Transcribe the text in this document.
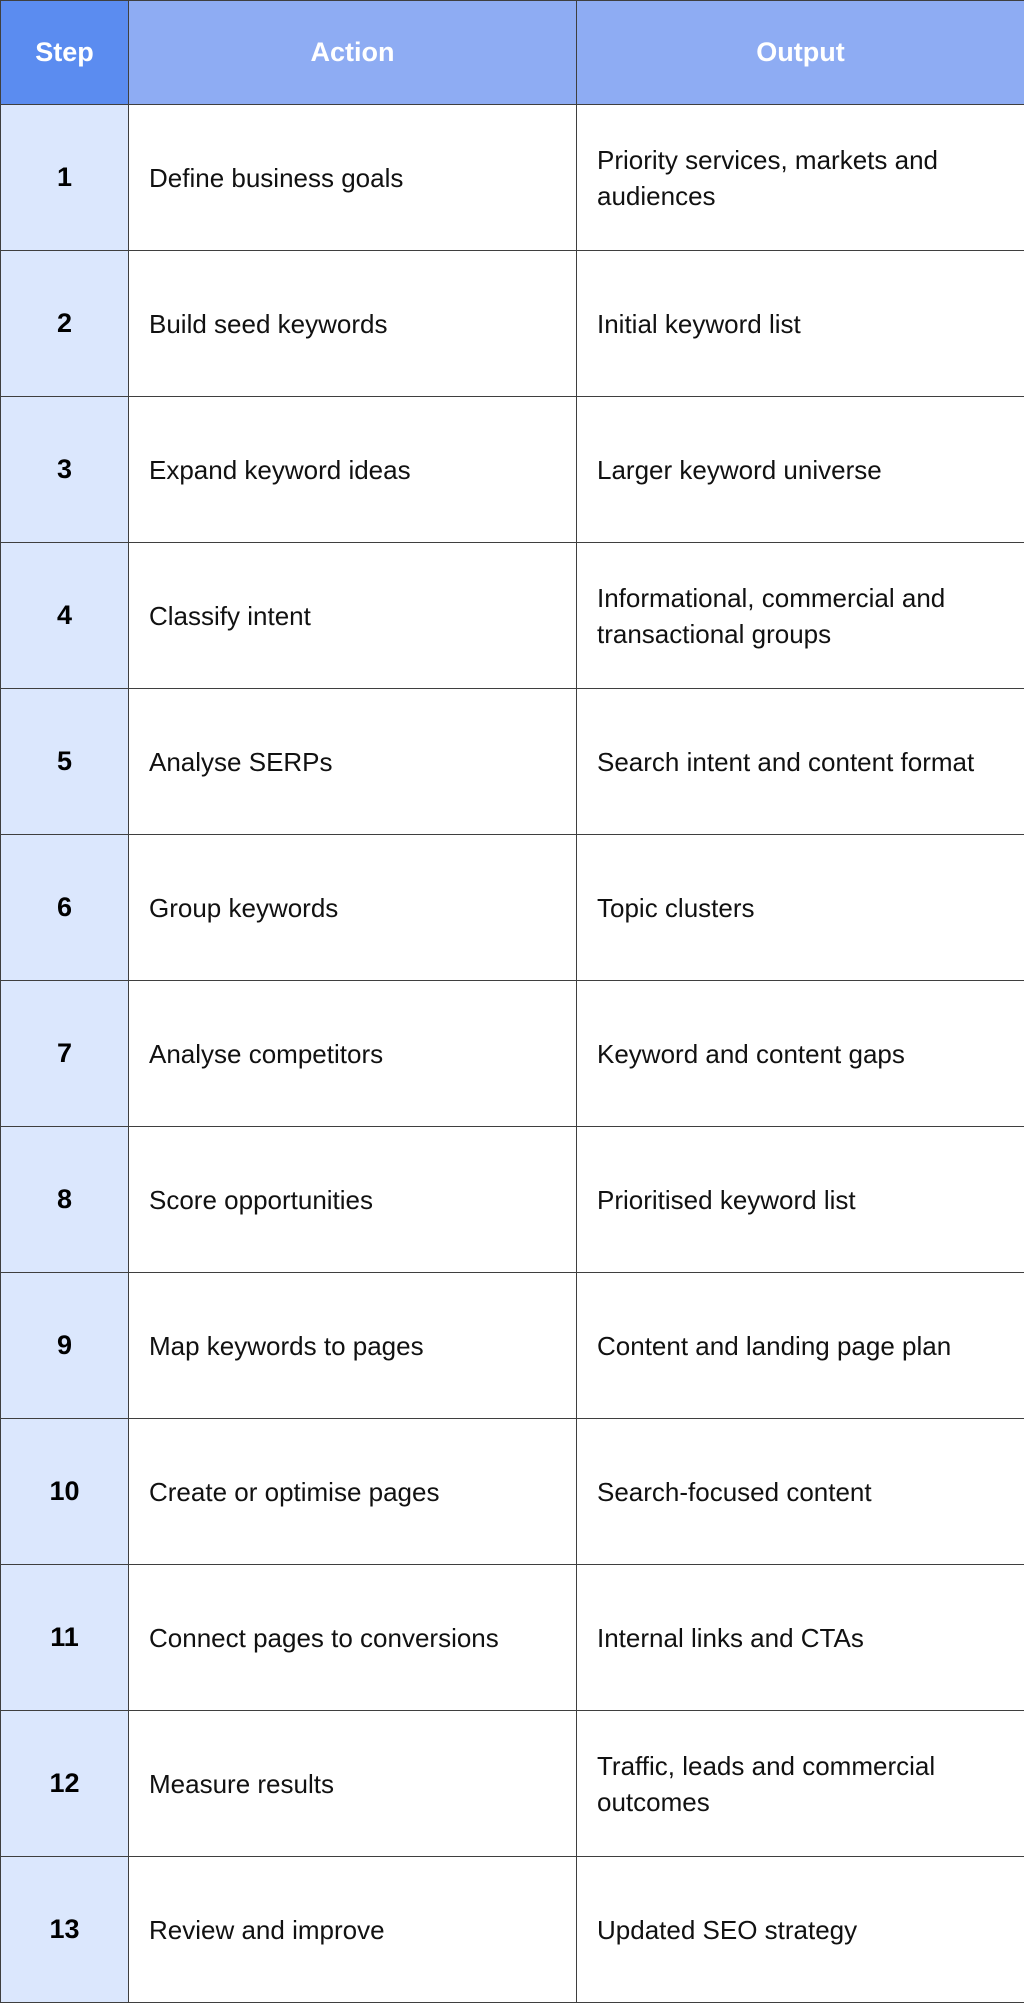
Step	Action	Output
1	Define business goals	Priority services, markets and audiences
2	Build seed keywords	Initial keyword list
3	Expand keyword ideas	Larger keyword universe
4	Classify intent	Informational, commercial and transactional groups
5	Analyse SERPs	Search intent and content format
6	Group keywords	Topic clusters
7	Analyse competitors	Keyword and content gaps
8	Score opportunities	Prioritised keyword list
9	Map keywords to pages	Content and landing page plan
10	Create or optimise pages	Search-focused content
11	Connect pages to conversions	Internal links and CTAs
12	Measure results	Traffic, leads and commercial outcomes
13	Review and improve	Updated SEO strategy
